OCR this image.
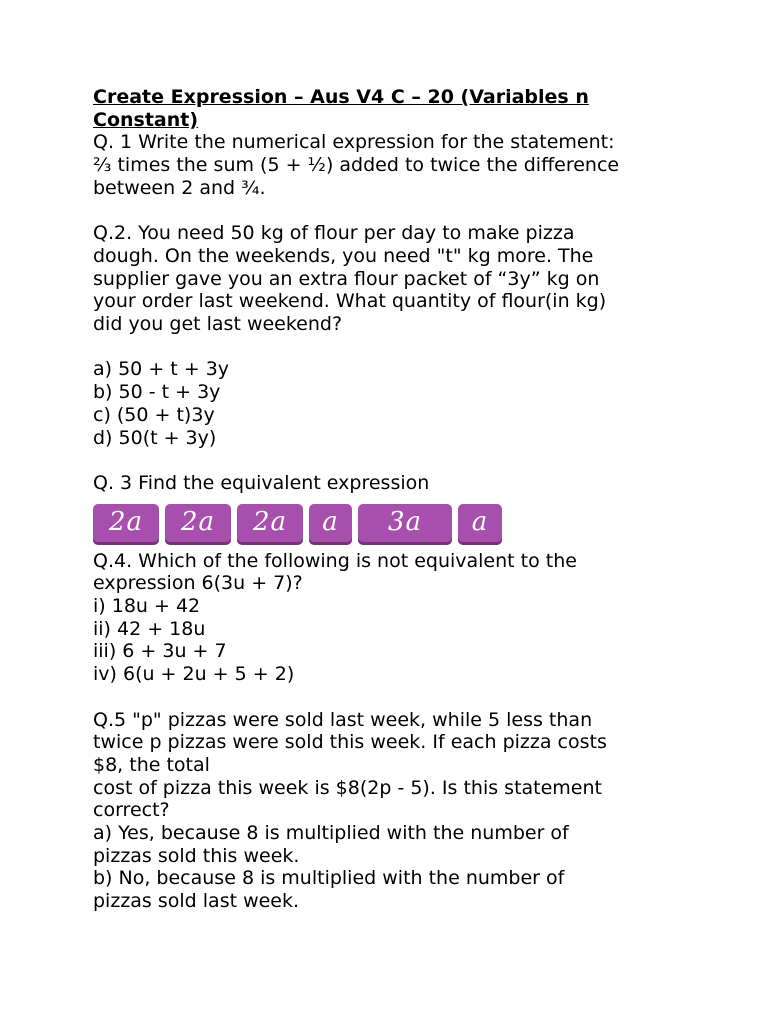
Create Expression – Aus V4 C – 20 (Variables n
Constant)

Q. 1 Write the numerical expression for the statement:

⅔ times the sum (5 + ½) added to twice the difference

between 2 and ¾.

Q.2. You need 50 kg of flour per day to make pizza

dough. On the weekends, you need "t" kg more. The

supplier gave you an extra flour packet of “3y” kg on

your order last weekend. What quantity of flour(in kg)

did you get last weekend?

a) 50 + t + 3y

b) 50 - t + 3y

c) (50 + t)3y

d) 50(t + 3y)

Q. 3 Find the equivalent expression

2a	2a	2a	a	3a	a

Q.4. Which of the following is not equivalent to the

expression 6(3u + 7)?

i) 18u + 42

ii) 42 + 18u

iii) 6 + 3u + 7

iv) 6(u + 2u + 5 + 2)

Q.5 "p" pizzas were sold last week, while 5 less than

twice p pizzas were sold this week. If each pizza costs

$8, the total

cost of pizza this week is $8(2p - 5). Is this statement

correct?

a) Yes, because 8 is multiplied with the number of

pizzas sold this week.

b) No, because 8 is multiplied with the number of

pizzas sold last week.
